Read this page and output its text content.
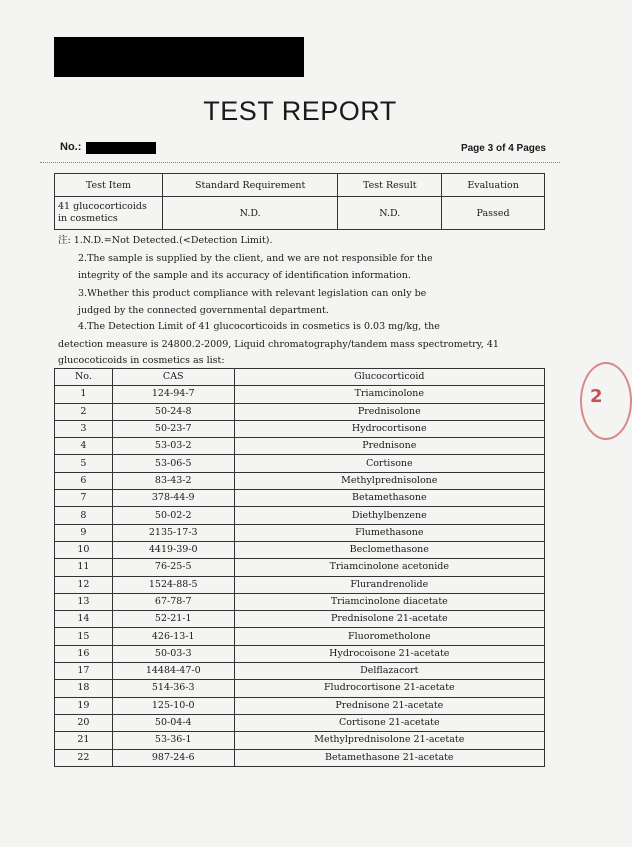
TEST REPORT
No.:	Page 3 of 4 Pages
Test Item	Standard Requirement	Test Result	Evaluation
41 glucocorticoids
in cosmetics	N.D.	N.D.	Passed
注: 1.N.D.=Not Detected.(<Detection Limit).
2.The sample is supplied by the client, and we are not responsible for the
integrity of the sample and its accuracy of identification information.
3.Whether this product compliance with relevant legislation can only be
judged by the connected governmental department.
4.The Detection Limit of 41 glucocorticoids in cosmetics is 0.03 mg/kg, the
detection measure is 24800.2-2009, Liquid chromatography/tandem mass spectrometry, 41
glucocoticoids in cosmetics as list:
No.	CAS	Glucocorticoid
1	124-94-7	Triamcinolone
2	50-24-8	Prednisolone
3	50-23-7	Hydrocortisone
4	53-03-2	Prednisone
5	53-06-5	Cortisone
6	83-43-2	Methylprednisolone
7	378-44-9	Betamethasone
8	50-02-2	Diethylbenzene
9	2135-17-3	Flumethasone
10	4419-39-0	Beclomethasone
11	76-25-5	Triamcinolone acetonide
12	1524-88-5	Flurandrenolide
13	67-78-7	Triamcinolone diacetate
14	52-21-1	Prednisolone 21-acetate
15	426-13-1	Fluorometholone
16	50-03-3	Hydrocoisone 21-acetate
17	14484-47-0	Delflazacort
18	514-36-3	Fludrocortisone 21-acetate
19	125-10-0	Prednisone 21-acetate
20	50-04-4	Cortisone 21-acetate
21	53-36-1	Methylprednisolone 21-acetate
22	987-24-6	Betamethasone 21-acetate
2
